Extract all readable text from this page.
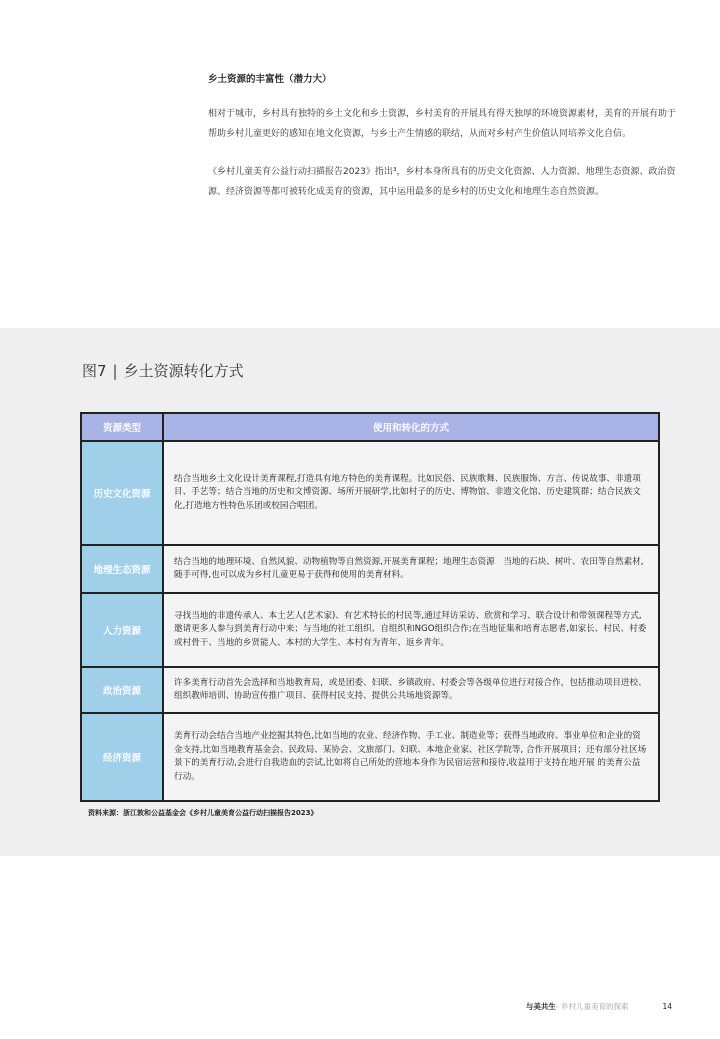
乡土资源的丰富性（潜力大）

相对于城市，乡村具有独特的乡土文化和乡土资源，乡村美育的开展具有得天独厚的环境资源素材，美育的开展有助于帮助乡村儿童更好的感知在地文化资源，与乡土产生情感的联结，从而对乡村产生价值认同培养文化自信。

《乡村儿童美育公益行动扫描报告2023》指出³，乡村本身所具有的历史文化资源、人力资源、地理生态资源、政治资源、经济资源等都可被转化成美育的资源，其中运用最多的是乡村的历史文化和地理生态自然资源。

图7 | 乡土资源转化方式
资源类型	使用和转化的方式
历史文化资源	结合当地乡土文化设计美育课程,打造具有地方特色的美育课程。比如民俗、民族歌舞、民族服饰、方言、传说故事、非遗项目、手艺等；结合当地的历史和文博资源、场所开展研学,比如村子的历史、博物馆、非遗文化馆、历史建筑群；结合民族文化,打造地方性特色乐团或校园合唱团。
地理生态资源	结合当地的地理环境、自然风貌、动物植物等自然资源,开展美育课程；地理生态资源　当地的石块、树叶、农田等自然素材,随手可得,也可以成为乡村儿童更易于获得和使用的美育材料。
人力资源	寻找当地的非遗传承人、本土艺人(艺术家)、有艺术特长的村民等,通过拜访采访、欣赏和学习、联合设计和带领课程等方式,邀请更多人参与到美育行动中来；与当地的社工组织、自组织和NGO组织合作;在当地征集和培育志愿者,如家长、村民、村委或村骨干、当地的乡贤能人、本村的大学生、本村有为青年、返乡青年。
政治资源	许多美育行动首先会选择和当地教育局，或是团委、妇联、乡镇政府、村委会等各级单位进行对接合作，包括推动项目进校、组织教师培训、协助宣传推广项目、获得村民支持、提供公共场地资源等。
经济资源	美育行动会结合当地产业挖掘其特色,比如当地的农业、经济作物、手工业、制造业等；获得当地政府、事业单位和企业的资金支持,比如当地教育基金会、民政局、某协会、文旅部门、妇联、本地企业家、社区学院等, 合作开展项目；还有部分社区场景下的美育行动,会进行自我造血的尝试,比如将自己所处的营地本身作为民宿运营和接待,收益用于支持在地开展 的美育公益行动。
资料来源：浙江敦和公益基金会《乡村儿童美育公益行动扫描报告2023》
与美共生 - 乡村儿童美育的探索	14
